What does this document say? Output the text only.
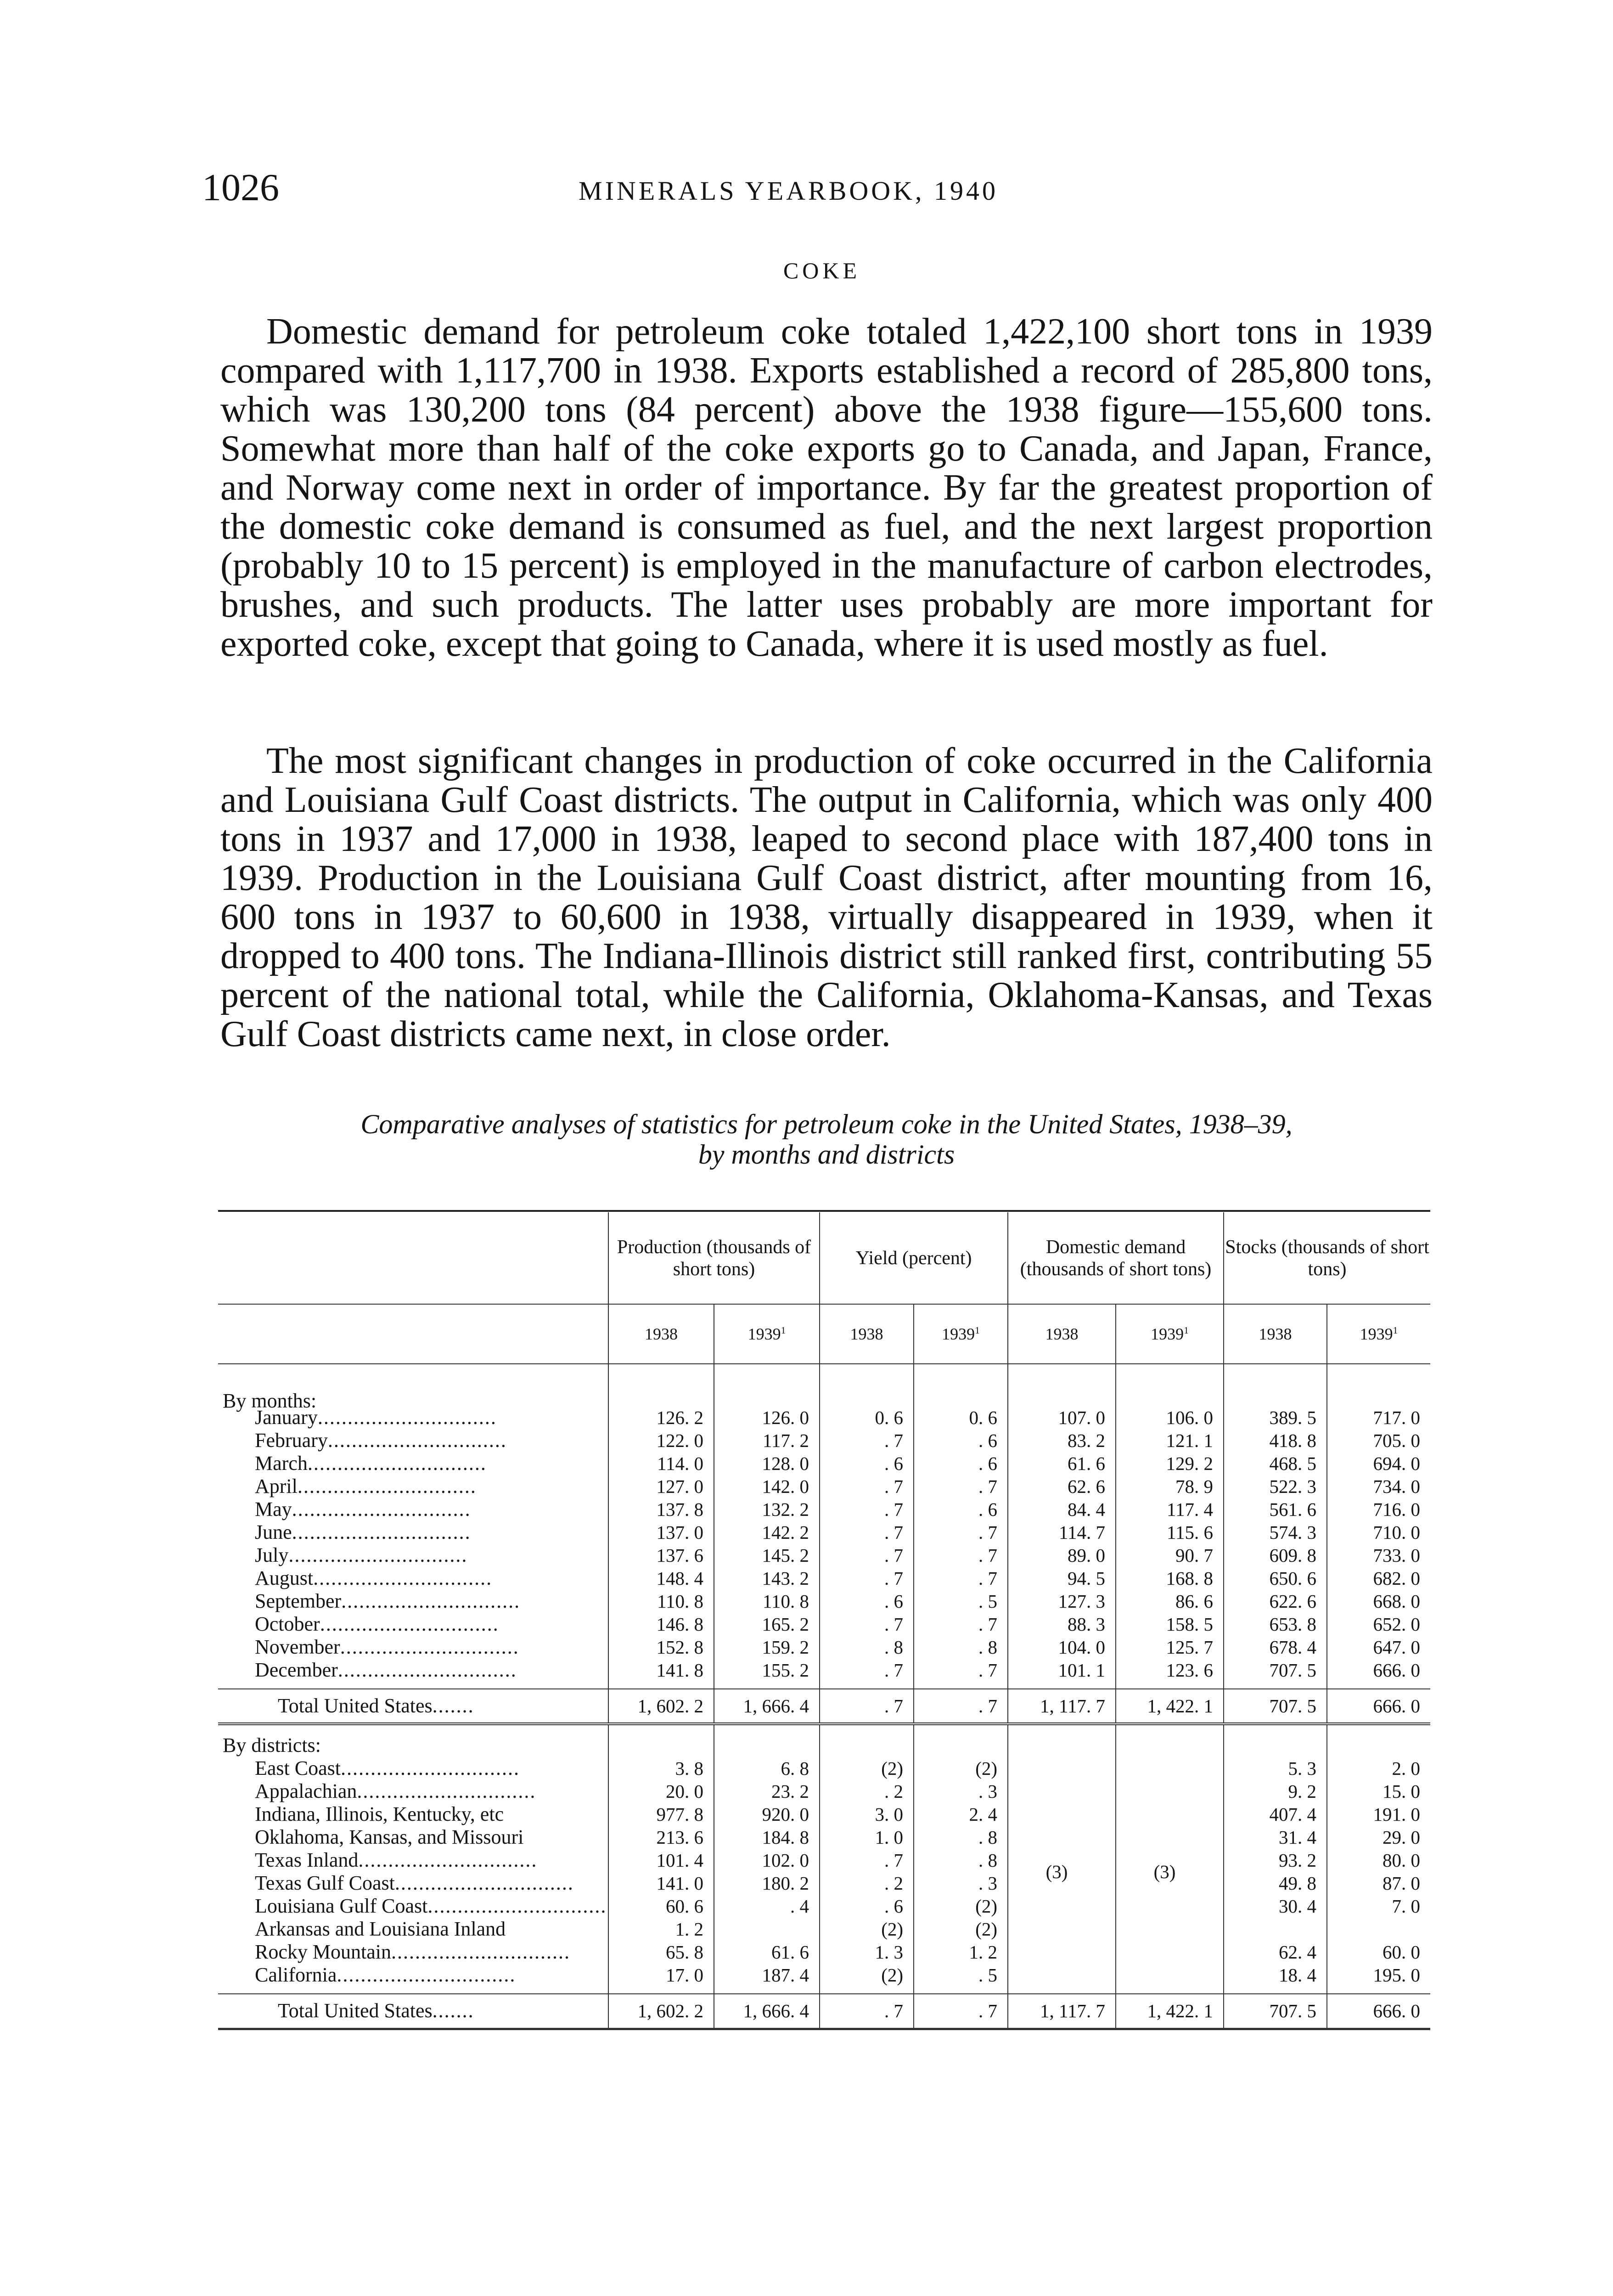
1026	MINERALS YEARBOOK, 1940
COKE

Domestic demand for petroleum coke totaled 1,422,100 short tons in 1939 compared with 1,117,700 in 1938. Exports established a record of 285,800 tons, which was 130,200 tons (84 percent) above the 1938 figure—155,600 tons. Somewhat more than half of the coke exports go to Canada, and Japan, France, and Norway come next in order of importance. By far the greatest proportion of the domestic coke demand is consumed as fuel, and the next largest proportion (probably 10 to 15 percent) is employed in the manufacture of carbon electrodes, brushes, and such products. The latter uses probably are more important for exported coke, except that going to Canada, where it is used mostly as fuel.

The most significant changes in production of coke occurred in the California and Louisiana Gulf Coast districts. The output in California, which was only 400 tons in 1937 and 17,000 in 1938, leaped to second place with 187,400 tons in 1939. Production in the Louisiana Gulf Coast district, after mounting from 16, 600 tons in 1937 to 60,600 in 1938, virtually disappeared in 1939, when it dropped to 400 tons. The Indiana-Illinois district still ranked first, contributing 55 percent of the national total, while the California, Oklahoma-Kansas, and Texas Gulf Coast districts came next, in close order.

Comparative analyses of statistics for petroleum coke in the United States, 1938–39,
by months and districts
	Production (thousands of short tons)		Yield (percent)		Domestic demand (thousands of short tons)		Stocks (thousands of short tons)	
	1938	1939$^1$	1938	1939$^1$	1938	1939$^1$	1938	1939$^1$

By months:								
January..............................	126. 2	126. 0	0. 6	0. 6	107. 0	106. 0	389. 5	717. 0
February..............................	122. 0	117. 2	. 7	. 6	83. 2	121. 1	418. 8	705. 0
March..............................	114. 0	128. 0	. 6	. 6	61. 6	129. 2	468. 5	694. 0
April..............................	127. 0	142. 0	. 7	. 7	62. 6	78. 9	522. 3	734. 0
May..............................	137. 8	132. 2	. 7	. 6	84. 4	117. 4	561. 6	716. 0
June..............................	137. 0	142. 2	. 7	. 7	114. 7	115. 6	574. 3	710. 0
July..............................	137. 6	145. 2	. 7	. 7	89. 0	90. 7	609. 8	733. 0
August..............................	148. 4	143. 2	. 7	. 7	94. 5	168. 8	650. 6	682. 0
September..............................	110. 8	110. 8	. 6	. 5	127. 3	86. 6	622. 6	668. 0
October..............................	146. 8	165. 2	. 7	. 7	88. 3	158. 5	653. 8	652. 0
November..............................	152. 8	159. 2	. 8	. 8	104. 0	125. 7	678. 4	647. 0
December..............................	141. 8	155. 2	. 7	. 7	101. 1	123. 6	707. 5	666. 0

Total United States.......	1, 602. 2	1, 666. 4	. 7	. 7	1, 117. 7	1, 422. 1	707. 5	666. 0

By districts:								
East Coast..............................	3. 8	6. 8	(2)	(2)	(3)	(3)	5. 3	2. 0
Appalachian..............................	20. 0	23. 2	. 2	. 3			9. 2	15. 0
Indiana, Illinois, Kentucky, etc	977. 8	920. 0	3. 0	2. 4			407. 4	191. 0
Oklahoma, Kansas, and Missouri	213. 6	184. 8	1. 0	. 8			31. 4	29. 0
Texas Inland..............................	101. 4	102. 0	. 7	. 8			93. 2	80. 0
Texas Gulf Coast..............................	141. 0	180. 2	. 2	. 3			49. 8	87. 0
Louisiana Gulf Coast..............................	60. 6	. 4	. 6	(2)			30. 4	7. 0
Arkansas and Louisiana Inland	1. 2		(2)	(2)				
Rocky Mountain..............................	65. 8	61. 6	1. 3	1. 2			62. 4	60. 0
California..............................	17. 0	187. 4	(2)	. 5			18. 4	195. 0

Total United States.......	1, 602. 2	1, 666. 4	. 7	. 7	1, 117. 7	1, 422. 1	707. 5	666. 0
